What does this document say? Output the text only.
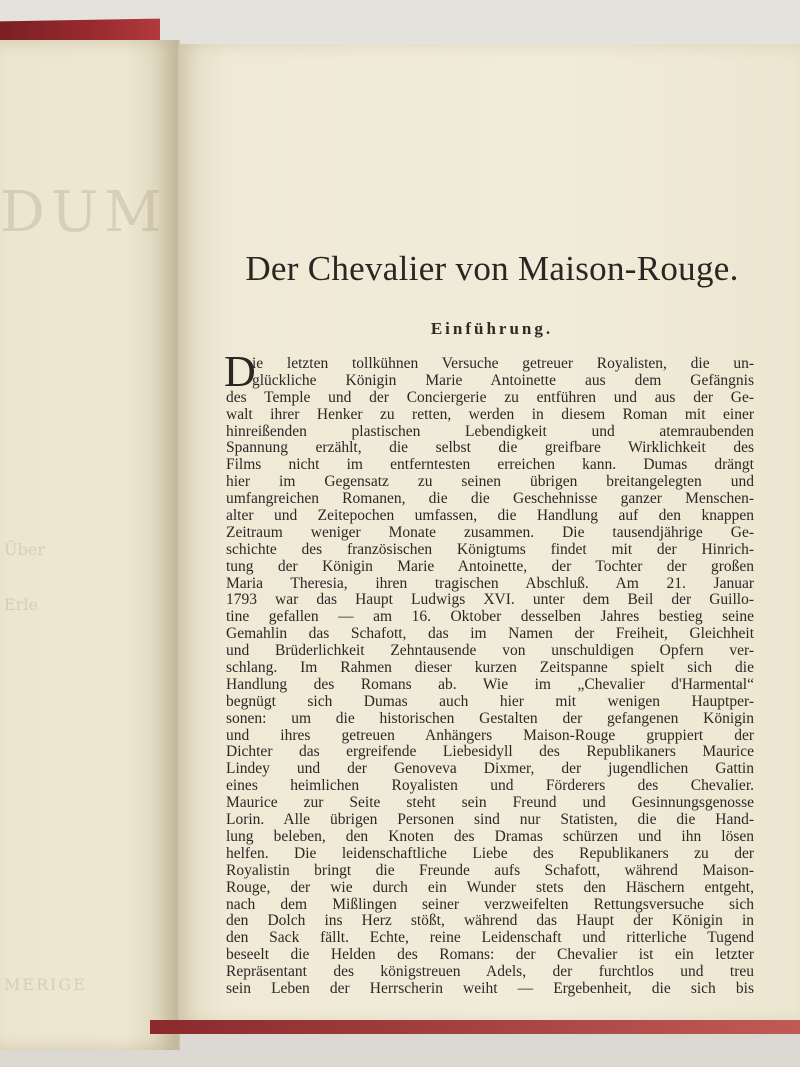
DUM
Über
Erle
MERIGE
Der Chevalier von Maison-Rouge.
Einführung.
D
ie letzten tollkühnen Versuche getreuer Royalisten, die un-
glückliche Königin Marie Antoinette aus dem Gefängnis
des Temple und der Conciergerie zu entführen und aus der Ge-
walt ihrer Henker zu retten, werden in diesem Roman mit einer
hinreißenden plastischen Lebendigkeit und atemraubenden
Spannung erzählt, die selbst die greifbare Wirklichkeit des
Films nicht im entferntesten erreichen kann. Dumas drängt
hier im Gegensatz zu seinen übrigen breitangelegten und
umfangreichen Romanen, die die Geschehnisse ganzer Menschen-
alter und Zeitepochen umfassen, die Handlung auf den knappen
Zeitraum weniger Monate zusammen. Die tausendjährige Ge-
schichte des französischen Königtums findet mit der Hinrich-
tung der Königin Marie Antoinette, der Tochter der großen
Maria Theresia, ihren tragischen Abschluß. Am 21. Januar
1793 war das Haupt Ludwigs XVI. unter dem Beil der Guillo-
tine gefallen — am 16. Oktober desselben Jahres bestieg seine
Gemahlin das Schafott, das im Namen der Freiheit, Gleichheit
und Brüderlichkeit Zehntausende von unschuldigen Opfern ver-
schlang. Im Rahmen dieser kurzen Zeitspanne spielt sich die
Handlung des Romans ab. Wie im „Chevalier d'Harmental“
begnügt sich Dumas auch hier mit wenigen Hauptper-
sonen: um die historischen Gestalten der gefangenen Königin
und ihres getreuen Anhängers Maison-Rouge gruppiert der
Dichter das ergreifende Liebesidyll des Republikaners Maurice
Lindey und der Genoveva Dixmer, der jugendlichen Gattin
eines heimlichen Royalisten und Förderers des Chevalier.
Maurice zur Seite steht sein Freund und Gesinnungsgenosse
Lorin. Alle übrigen Personen sind nur Statisten, die die Hand-
lung beleben, den Knoten des Dramas schürzen und ihn lösen
helfen. Die leidenschaftliche Liebe des Republikaners zu der
Royalistin bringt die Freunde aufs Schafott, während Maison-
Rouge, der wie durch ein Wunder stets den Häschern entgeht,
nach dem Mißlingen seiner verzweifelten Rettungsversuche sich
den Dolch ins Herz stößt, während das Haupt der Königin in
den Sack fällt. Echte, reine Leidenschaft und ritterliche Tugend
beseelt die Helden des Romans: der Chevalier ist ein letzter
Repräsentant des königstreuen Adels, der furchtlos und treu
sein Leben der Herrscherin weiht — Ergebenheit, die sich bis
